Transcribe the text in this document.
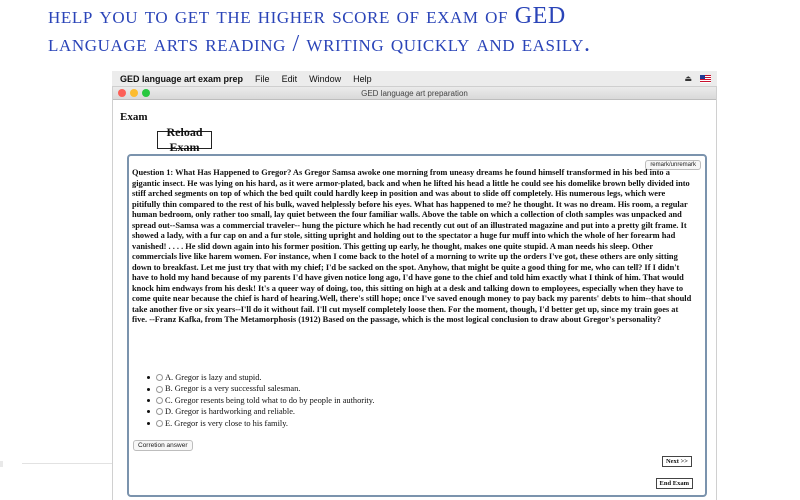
help you to get the higher score of exam of GED
language arts reading / writing quickly and easily.
GED language art exam prep File Edit Window Help	⏏
GED language art preparation
Exam
Reload Exam
remark/unremark
Question 1: What Has Happened to Gregor? As Gregor Samsa awoke one morning from uneasy dreams he found himself transformed in his bed into a gigantic insect. He was lying on his hard, as it were armor-plated, back and when he lifted his head a little he could see his domelike brown belly divided into stiff arched segments on top of which the bed quilt could hardly keep in position and was about to slide off completely. His numerous legs, which were pitifully thin compared to the rest of his bulk, waved helplessly before his eyes. What has happened to me? he thought. It was no dream. His room, a regular human bedroom, only rather too small, lay quiet between the four familiar walls. Above the table on which a collection of cloth samples was unpacked and spread out--Samsa was a commercial traveler-- hung the picture which he had recently cut out of an illustrated magazine and put into a pretty gilt frame. It showed a lady, with a fur cap on and a fur stole, sitting upright and holding out to the spectator a huge fur muff into which the whole of her forearm had vanished! . . . . He slid down again into his former position. This getting up early, he thought, makes one quite stupid. A man needs his sleep. Other commercials live like harem women. For instance, when I come back to the hotel of a morning to write up the orders I've got, these others are only sitting down to breakfast. Let me just try that with my chief; I'd be sacked on the spot. Anyhow, that might be quite a good thing for me, who can tell? If I didn't have to hold my hand because of my parents I'd have given notice long ago, I'd have gone to the chief and told him exactly what I think of him. That would knock him endways from his desk! It's a queer way of doing, too, this sitting on high at a desk and talking down to employees, especially when they have to come quite near because the chief is hard of hearing.Well, there's still hope; once I've saved enough money to pay back my parents' debts to him--that should take another five or six years--I'll do it without fail. I'll cut myself completely loose then. For the moment, though, I'd better get up, since my train goes at five. --Franz Kafka, from The Metamorphosis (1912) Based on the passage, which is the most logical conclusion to draw about Gregor's personality?
A. Gregor is lazy and stupid.
B. Gregor is a very successful salesman.
C. Gregor resents being told what to do by people in authority.
D. Gregor is hardworking and reliable.
E. Gregor is very close to his family.
Corretion answer
Next >>
End Exam
